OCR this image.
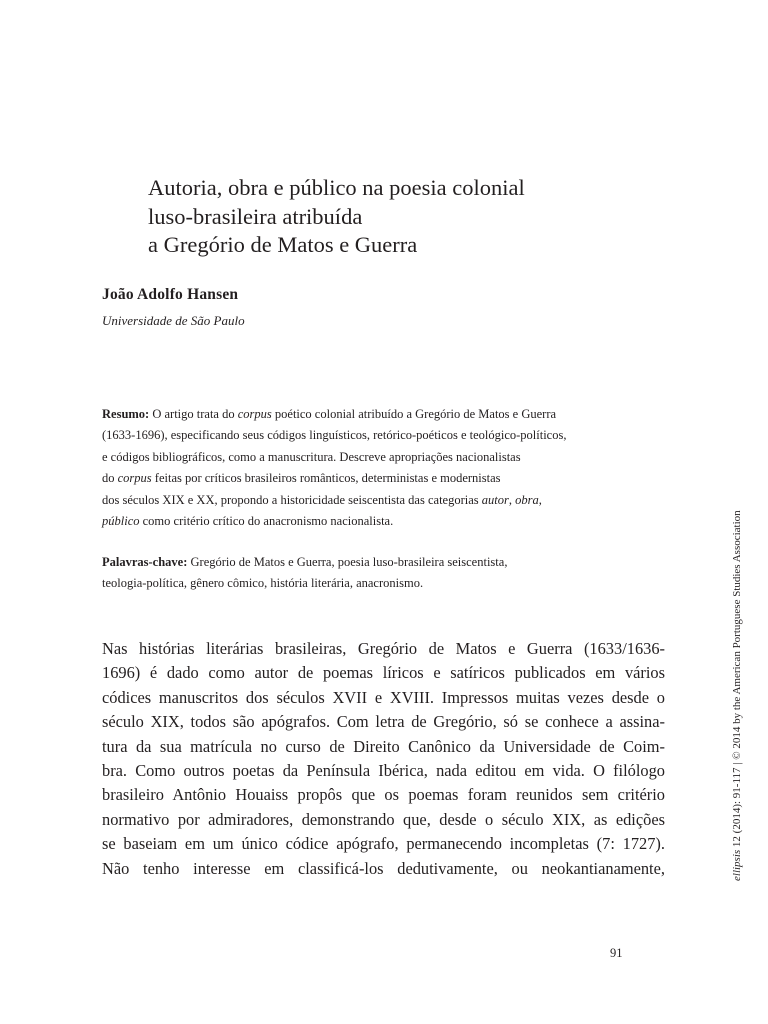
Autoria, obra e público na poesia colonial
luso-brasileira atribuída
a Gregório de Matos e Guerra
João Adolfo Hansen
Universidade de São Paulo
Resumo: O artigo trata do corpus poético colonial atribuído a Gregório de Matos e Guerra
(1633-1696), especificando seus códigos linguísticos, retórico-poéticos e teológico-políticos,
e códigos bibliográficos, como a manuscritura. Descreve apropriações nacionalistas
do corpus feitas por críticos brasileiros românticos, deterministas e modernistas
dos séculos XIX e XX, propondo a historicidade seiscentista das categorias autor, obra,
público como critério crítico do anacronismo nacionalista.
Palavras-chave: Gregório de Matos e Guerra, poesia luso-brasileira seiscentista,
teologia-política, gênero cômico, história literária, anacronismo.
Nas histórias literárias brasileiras, Gregório de Matos e Guerra (1633/1636-
1696) é dado como autor de poemas líricos e satíricos publicados em vários
códices manuscritos dos séculos XVII e XVIII. Impressos muitas vezes desde o
século XIX, todos são apógrafos. Com letra de Gregório, só se conhece a assina-
tura da sua matrícula no curso de Direito Canônico da Universidade de Coim-
bra. Como outros poetas da Península Ibérica, nada editou em vida. O filólogo
brasileiro Antônio Houaiss propôs que os poemas foram reunidos sem critério
normativo por admiradores, demonstrando que, desde o século XIX, as edições
se baseiam em um único códice apógrafo, permanecendo incompletas (7: 1727).
Não tenho interesse em classificá-los dedutivamente, ou neokantianamente,
91
ellipsis 12 (2014): 91-117 | © 2014 by the American Portuguese Studies Association
